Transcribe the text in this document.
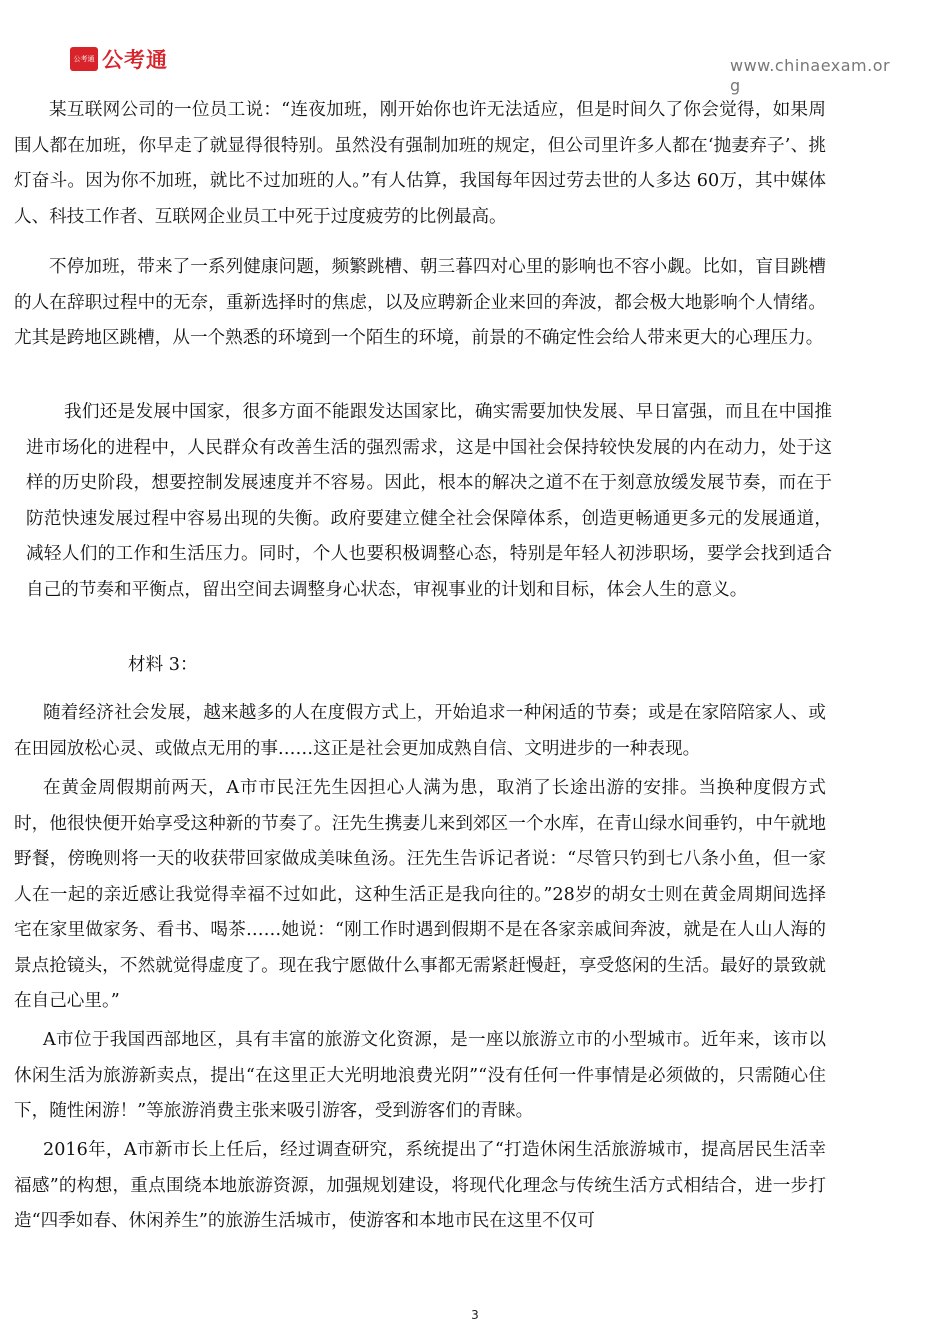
公考通 公考通	www.chinaexam.org

某互联网公司的一位员工说：“连夜加班，刚开始你也许无法适应，但是时间久了你会觉得，如果周围人都在加班，你早走了就显得很特别。虽然没有强制加班的规定，但公司里许多人都在‘抛妻弃子’、挑灯奋斗。因为你不加班，就比不过加班的人。”有人估算，我国每年因过劳去世的人多达 60万，其中媒体人、科技工作者、互联网企业员工中死于过度疲劳的比例最高。

不停加班，带来了一系列健康问题，频繁跳槽、朝三暮四对心里的影响也不容小觑。比如，盲目跳槽的人在辞职过程中的无奈，重新选择时的焦虑，以及应聘新企业来回的奔波，都会极大地影响个人情绪。尤其是跨地区跳槽，从一个熟悉的环境到一个陌生的环境，前景的不确定性会给人带来更大的心理压力。

我们还是发展中国家，很多方面不能跟发达国家比，确实需要加快发展、早日富强，而且在中国推进市场化的进程中，人民群众有改善生活的强烈需求，这是中国社会保持较快发展的内在动力，处于这样的历史阶段，想要控制发展速度并不容易。因此，根本的解决之道不在于刻意放缓发展节奏，而在于防范快速发展过程中容易出现的失衡。政府要建立健全社会保障体系，创造更畅通更多元的发展通道，减轻人们的工作和生活压力。同时，个人也要积极调整心态，特别是年轻人初涉职场，要学会找到适合自己的节奏和平衡点，留出空间去调整身心状态，审视事业的计划和目标，体会人生的意义。

材料 3：

随着经济社会发展，越来越多的人在度假方式上，开始追求一种闲适的节奏；或是在家陪陪家人、或在田园放松心灵、或做点无用的事……这正是社会更加成熟自信、文明进步的一种表现。

在黄金周假期前两天，A市市民汪先生因担心人满为患，取消了长途出游的安排。当换种度假方式时，他很快便开始享受这种新的节奏了。汪先生携妻儿来到郊区一个水库，在青山绿水间垂钓，中午就地野餐，傍晚则将一天的收获带回家做成美味鱼汤。汪先生告诉记者说：“尽管只钓到七八条小鱼，但一家人在一起的亲近感让我觉得幸福不过如此，这种生活正是我向往的。”28岁的胡女士则在黄金周期间选择宅在家里做家务、看书、喝茶……她说：“刚工作时遇到假期不是在各家亲戚间奔波，就是在人山人海的景点抢镜头，不然就觉得虚度了。现在我宁愿做什么事都无需紧赶慢赶，享受悠闲的生活。最好的景致就在自己心里。”

A市位于我国西部地区，具有丰富的旅游文化资源，是一座以旅游立市的小型城市。近年来，该市以休闲生活为旅游新卖点，提出“在这里正大光明地浪费光阴”“没有任何一件事情是必须做的，只需随心住下，随性闲游！”等旅游消费主张来吸引游客，受到游客们的青睐。

2016年，A市新市长上任后，经过调查研究，系统提出了“打造休闲生活旅游城市，提高居民生活幸福感”的构想，重点围绕本地旅游资源，加强规划建设，将现代化理念与传统生活方式相结合，进一步打造“四季如春、休闲养生”的旅游生活城市，使游客和本地市民在这里不仅可

3
